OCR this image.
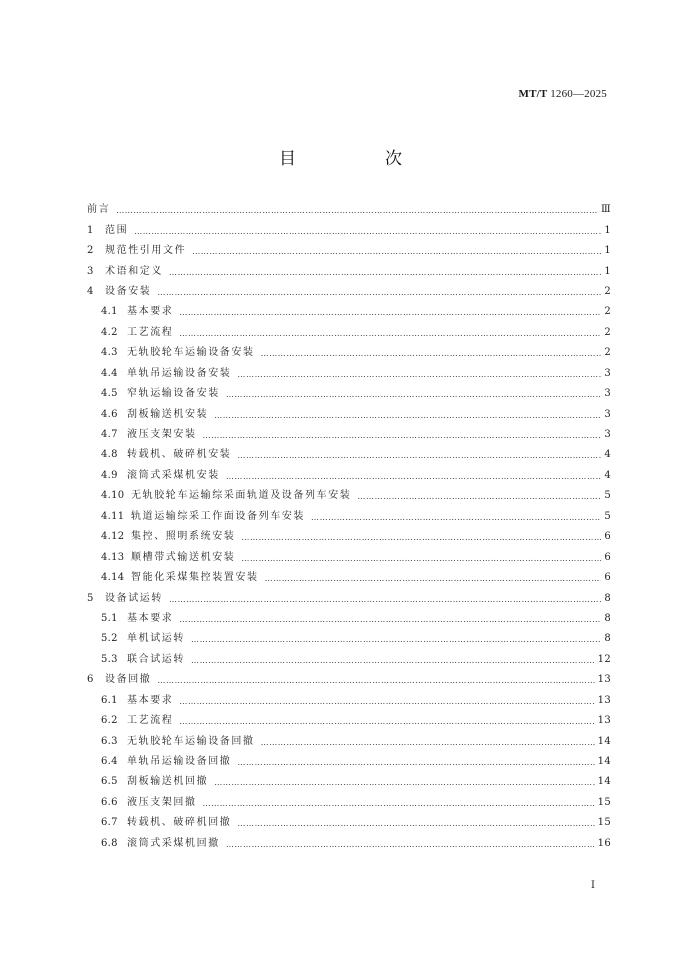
MT/T 1260—2025
目　次
前言 ………………………………………………………………………………………………………………………………………………………………………………………………	Ⅲ
1	范围 ………………………………………………………………………………………………………………………………………………………………………………………………	1
2	规范性引用文件 ………………………………………………………………………………………………………………………………………………………………………………………………	1
3	术语和定义 ………………………………………………………………………………………………………………………………………………………………………………………………	1
4	设备安装 ………………………………………………………………………………………………………………………………………………………………………………………………	2
4.1 基本要求 ………………………………………………………………………………………………………………………………………………………………………………………………	2
4.2 工艺流程 ………………………………………………………………………………………………………………………………………………………………………………………………	2
4.3 无轨胶轮车运输设备安装 ………………………………………………………………………………………………………………………………………………………………………………………………	2
4.4 单轨吊运输设备安装 ………………………………………………………………………………………………………………………………………………………………………………………………	3
4.5 窄轨运输设备安装 ………………………………………………………………………………………………………………………………………………………………………………………………	3
4.6 刮板输送机安装 ………………………………………………………………………………………………………………………………………………………………………………………………	3
4.7 液压支架安装 ………………………………………………………………………………………………………………………………………………………………………………………………	3
4.8 转载机、破碎机安装 ………………………………………………………………………………………………………………………………………………………………………………………………	4
4.9 滚筒式采煤机安装 ………………………………………………………………………………………………………………………………………………………………………………………………	4
4.10 无轨胶轮车运输综采面轨道及设备列车安装 ………………………………………………………………………………………………………………………………………………………………………………………………	5
4.11 轨道运输综采工作面设备列车安装 ………………………………………………………………………………………………………………………………………………………………………………………………	5
4.12 集控、照明系统安装 ………………………………………………………………………………………………………………………………………………………………………………………………	6
4.13 顺槽带式输送机安装 ………………………………………………………………………………………………………………………………………………………………………………………………	6
4.14 智能化采煤集控装置安装 ………………………………………………………………………………………………………………………………………………………………………………………………	6
5	设备试运转 ………………………………………………………………………………………………………………………………………………………………………………………………	8
5.1 基本要求 ………………………………………………………………………………………………………………………………………………………………………………………………	8
5.2 单机试运转 ………………………………………………………………………………………………………………………………………………………………………………………………	8
5.3 联合试运转 ………………………………………………………………………………………………………………………………………………………………………………………………	12
6	设备回撤 ………………………………………………………………………………………………………………………………………………………………………………………………	13
6.1 基本要求 ………………………………………………………………………………………………………………………………………………………………………………………………	13
6.2 工艺流程 ………………………………………………………………………………………………………………………………………………………………………………………………	13
6.3 无轨胶轮车运输设备回撤 ………………………………………………………………………………………………………………………………………………………………………………………………	14
6.4 单轨吊运输设备回撤 ………………………………………………………………………………………………………………………………………………………………………………………………	14
6.5 刮板输送机回撤 ………………………………………………………………………………………………………………………………………………………………………………………………	14
6.6 液压支架回撤 ………………………………………………………………………………………………………………………………………………………………………………………………	15
6.7 转载机、破碎机回撤 ………………………………………………………………………………………………………………………………………………………………………………………………	15
6.8 滚筒式采煤机回撤 ………………………………………………………………………………………………………………………………………………………………………………………………	16
Ⅰ
